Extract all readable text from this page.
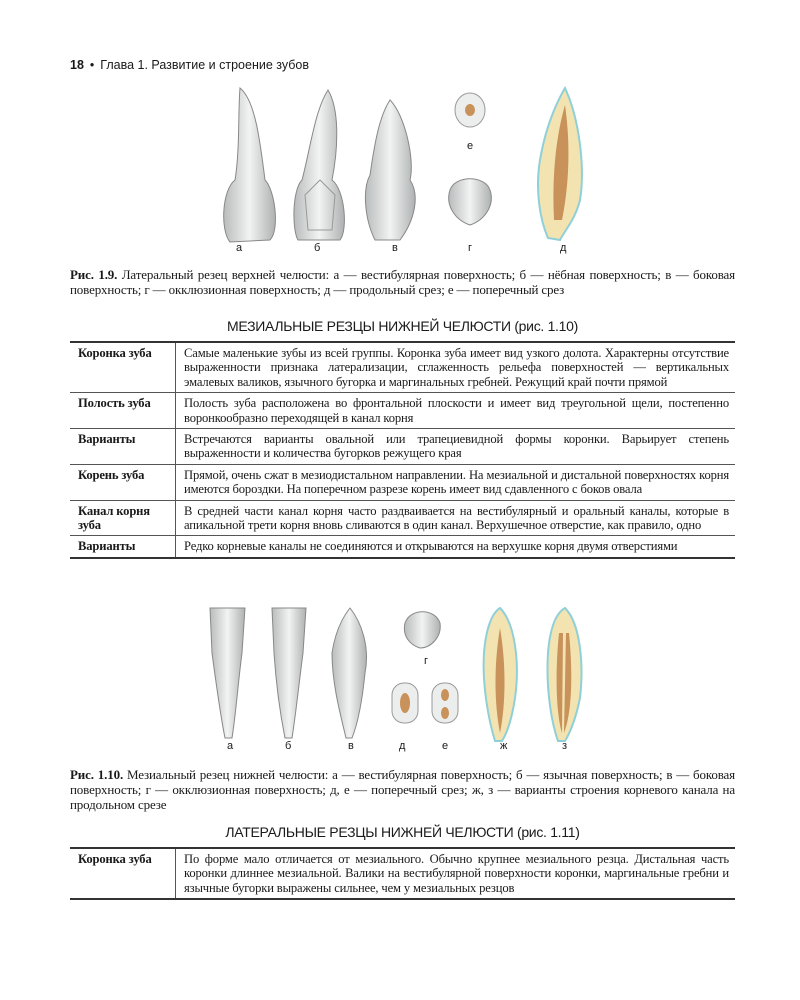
18 • Глава 1. Развитие и строение зубов
а	б	в	г	д
е
Рис. 1.9. Латеральный резец верхней челюсти: а — вестибулярная поверхность; б — нёбная поверхность; в — боковая поверхность; г — окклюзионная поверхность; д — продольный срез; е — поперечный срез
МЕЗИАЛЬНЫЕ РЕЗЦЫ НИЖНЕЙ ЧЕЛЮСТИ (рис. 1.10)
Коронка зуба	Самые маленькие зубы из всей группы. Коронка зуба имеет вид узкого долота. Характерны отсутствие выраженности признака латерализации, сглаженность рельефа поверхностей — вертикальных эмалевых валиков, язычного бугорка и маргинальных гребней. Режущий край почти прямой
Полость зуба	Полость зуба расположена во фронтальной плоскости и имеет вид треугольной щели, постепенно воронкообразно переходящей в канал корня
Варианты	Встречаются варианты овальной или трапециевидной формы коронки. Варьирует степень выраженности и количества бугорков режущего края
Корень зуба	Прямой, очень сжат в мезиодистальном направлении. На мезиальной и дистальной поверхностях корня имеются бороздки. На поперечном разрезе корень имеет вид сдавленного с боков овала
Канал корня зуба	В средней части канал корня часто раздваивается на вестибулярный и оральный каналы, которые в апикальной трети корня вновь сливаются в один канал. Верхушечное отверстие, как правило, одно
Варианты	Редко корневые каналы не соединяются и открываются на верхушке корня двумя отверстиями
а	б	в
г
д	е	ж	з
Рис. 1.10. Мезиальный резец нижней челюсти: а — вестибулярная поверхность; б — язычная поверхность; в — боковая поверхность; г — окклюзионная поверхность; д, е — поперечный срез; ж, з — варианты строения корневого канала на продольном срезе
ЛАТЕРАЛЬНЫЕ РЕЗЦЫ НИЖНЕЙ ЧЕЛЮСТИ (рис. 1.11)
Коронка зуба	По форме мало отличается от мезиального. Обычно крупнее мезиального резца. Дистальная часть коронки длиннее мезиальной. Валики на вестибулярной поверхности коронки, маргинальные гребни и язычные бугорки выражены сильнее, чем у мезиальных резцов
